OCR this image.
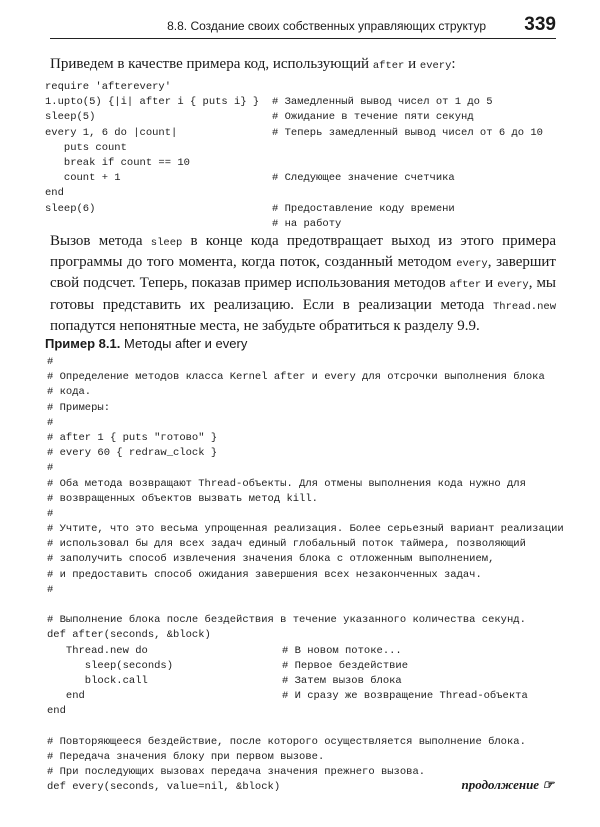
8.8. Создание своих собственных управляющих структур 339
Приведем в качестве примера код, использующий after и every:
require 'afterevery'
1.upto(5) {|i| after i { puts i} } # Замедленный вывод чисел от 1 до 5
sleep(5)	# Ожидание в течение пяти секунд
every 1, 6 do |count|	# Теперь замедленный вывод чисел от 6 до 10
puts count
break if count == 10
count + 1	# Следующее значение счетчика
end
sleep(6)	# Предоставление коду времени
# на работу
Вызов метода sleep в конце кода предотвращает выход из этого примера программы до того момента, когда поток, созданный методом every, завершит свой подсчет. Теперь, показав пример использования методов after и every, мы готовы представить их реализацию. Если в реализации метода Thread.new попадутся непонятные места, не забудьте обратиться к разделу 9.9.
Пример 8.1. Методы after и every
#
# Определение методов класса Kernel after и every для отсрочки выполнения блока
# кода.
# Примеры:
#
# after 1 { puts "готово" }
# every 60 { redraw_clock }
#
# Оба метода возвращают Thread-объекты. Для отмены выполнения кода нужно для
# возвращенных объектов вызвать метод kill.
#
# Учтите, что это весьма упрощенная реализация. Более серьезный вариант реализации
# использовал бы для всех задач единый глобальный поток таймера, позволяющий
# заполучить способ извлечения значения блока с отложенным выполнением,
# и предоставить способ ожидания завершения всех незаконченных задач.
#
# Выполнение блока после бездействия в течение указанного количества секунд.
def after(seconds, &block)
Thread.new do	# В новом потоке...
sleep(seconds)	# Первое бездействие
block.call	# Затем вызов блока
end	# И сразу же возвращение Thread-объекта
end
# Повторяющееся бездействие, после которого осуществляется выполнение блока.
# Передача значения блоку при первом вызове.
# При последующих вызовах передача значения прежнего вызова.
def every(seconds, value=nil, &block)	продолжение ☞
